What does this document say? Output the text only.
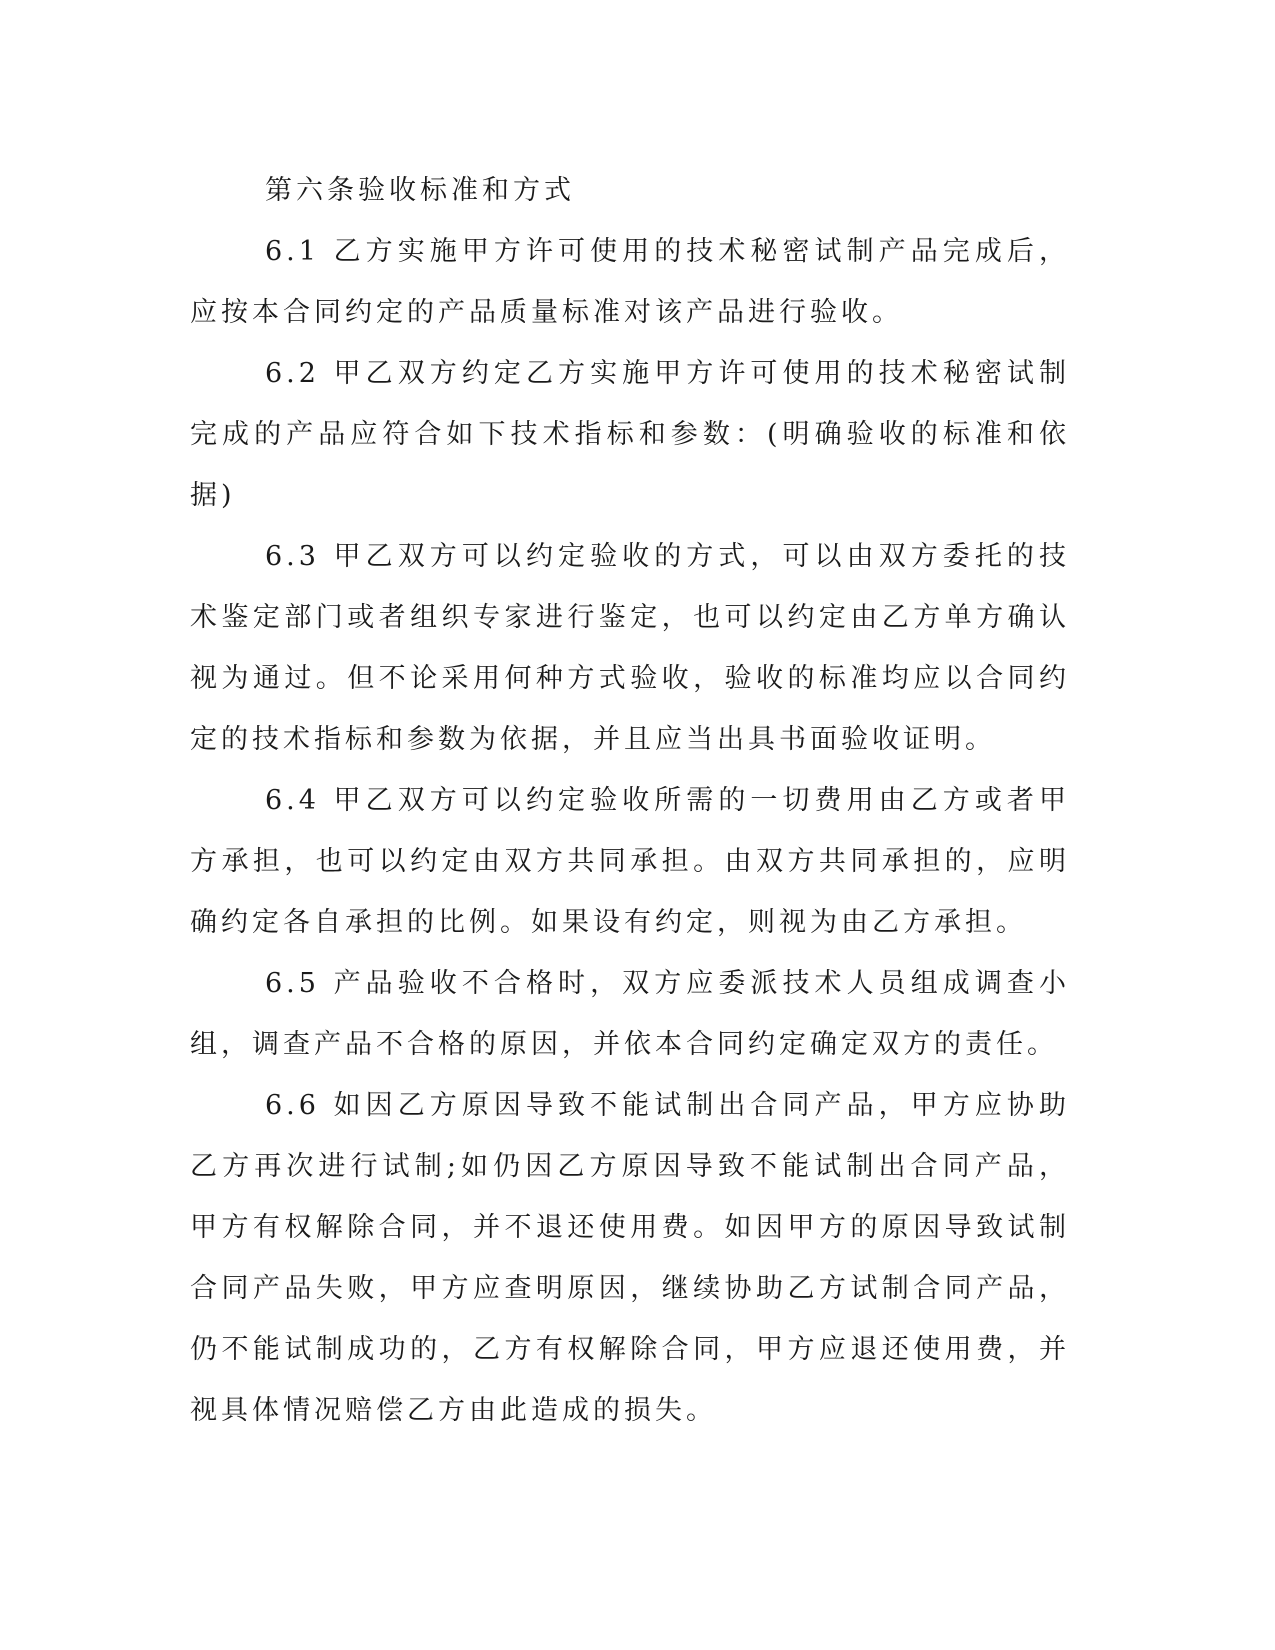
第六条验收标准和方式

6.1 乙方实施甲方许可使用的技术秘密试制产品完成后，应按本合同约定的产品质量标准对该产品进行验收。

6.2 甲乙双方约定乙方实施甲方许可使用的技术秘密试制完成的产品应符合如下技术指标和参数：(明确验收的标准和依据)

6.3 甲乙双方可以约定验收的方式，可以由双方委托的技术鉴定部门或者组织专家进行鉴定，也可以约定由乙方单方确认视为通过。但不论采用何种方式验收，验收的标准均应以合同约定的技术指标和参数为依据，并且应当出具书面验收证明。

6.4 甲乙双方可以约定验收所需的一切费用由乙方或者甲方承担，也可以约定由双方共同承担。由双方共同承担的，应明确约定各自承担的比例。如果设有约定，则视为由乙方承担。

6.5 产品验收不合格时，双方应委派技术人员组成调查小组，调查产品不合格的原因，并依本合同约定确定双方的责任。

6.6 如因乙方原因导致不能试制出合同产品，甲方应协助乙方再次进行试制;如仍因乙方原因导致不能试制出合同产品，甲方有权解除合同，并不退还使用费。如因甲方的原因导致试制合同产品失败，甲方应查明原因，继续协助乙方试制合同产品，仍不能试制成功的，乙方有权解除合同，甲方应退还使用费，并视具体情况赔偿乙方由此造成的损失。
